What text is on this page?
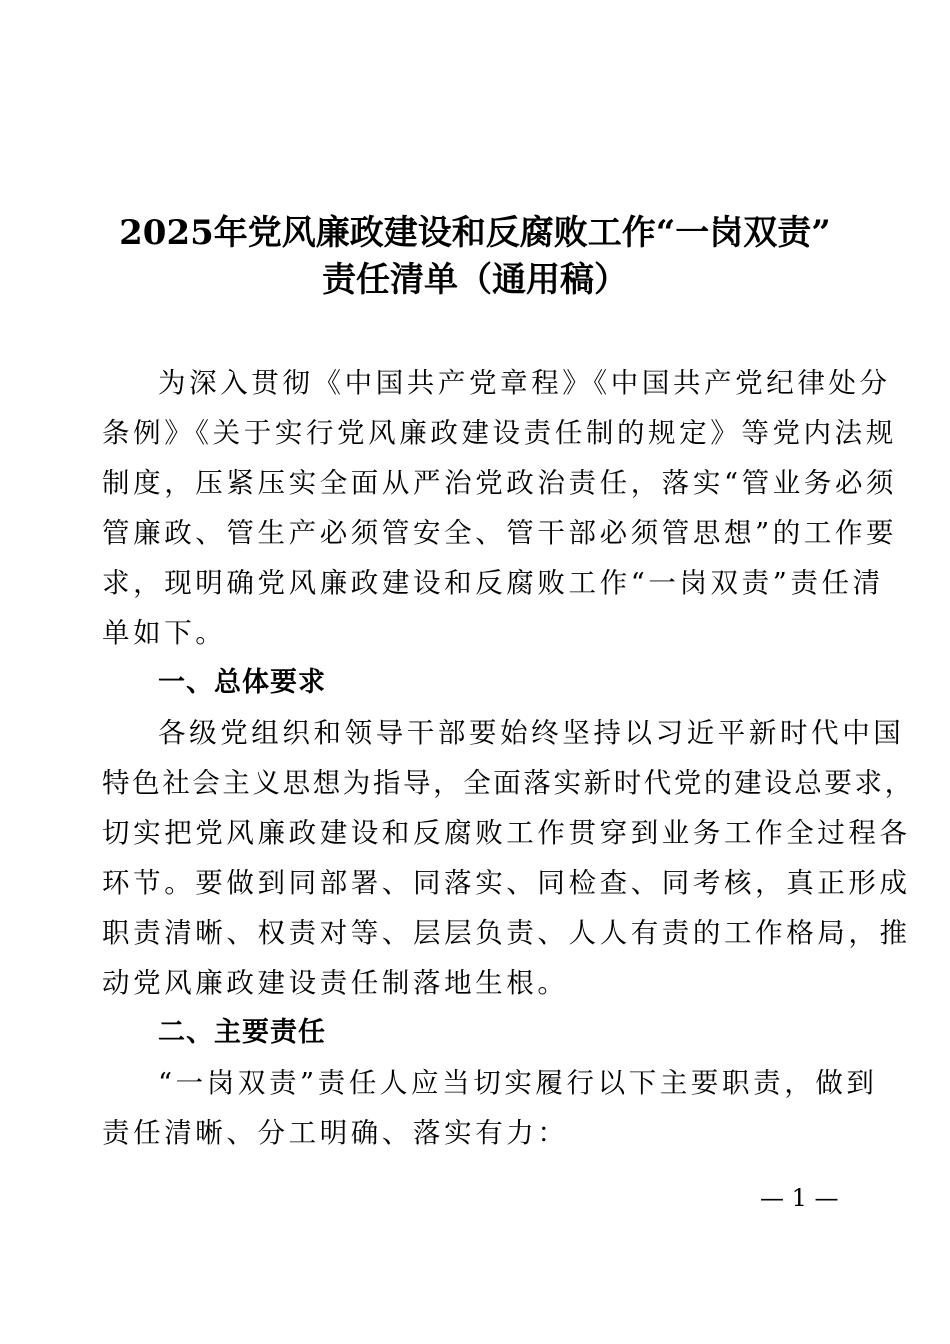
2025年党风廉政建设和反腐败工作“一岗双责”
责任清单（通用稿）
为深入贯彻《中国共产党章程》《中国共产党纪律处分
条例》《关于实行党风廉政建设责任制的规定》等党内法规
制度，压紧压实全面从严治党政治责任，落实“管业务必须
管廉政、管生产必须管安全、管干部必须管思想”的工作要
求，现明确党风廉政建设和反腐败工作“一岗双责”责任清
单如下。
一、总体要求
各级党组织和领导干部要始终坚持以习近平新时代中国
特色社会主义思想为指导，全面落实新时代党的建设总要求，
切实把党风廉政建设和反腐败工作贯穿到业务工作全过程各
环节。要做到同部署、同落实、同检查、同考核，真正形成
职责清晰、权责对等、层层负责、人人有责的工作格局，推
动党风廉政建设责任制落地生根。
二、主要责任
“一岗双责”责任人应当切实履行以下主要职责，做到
责任清晰、分工明确、落实有力：
— 1 —
